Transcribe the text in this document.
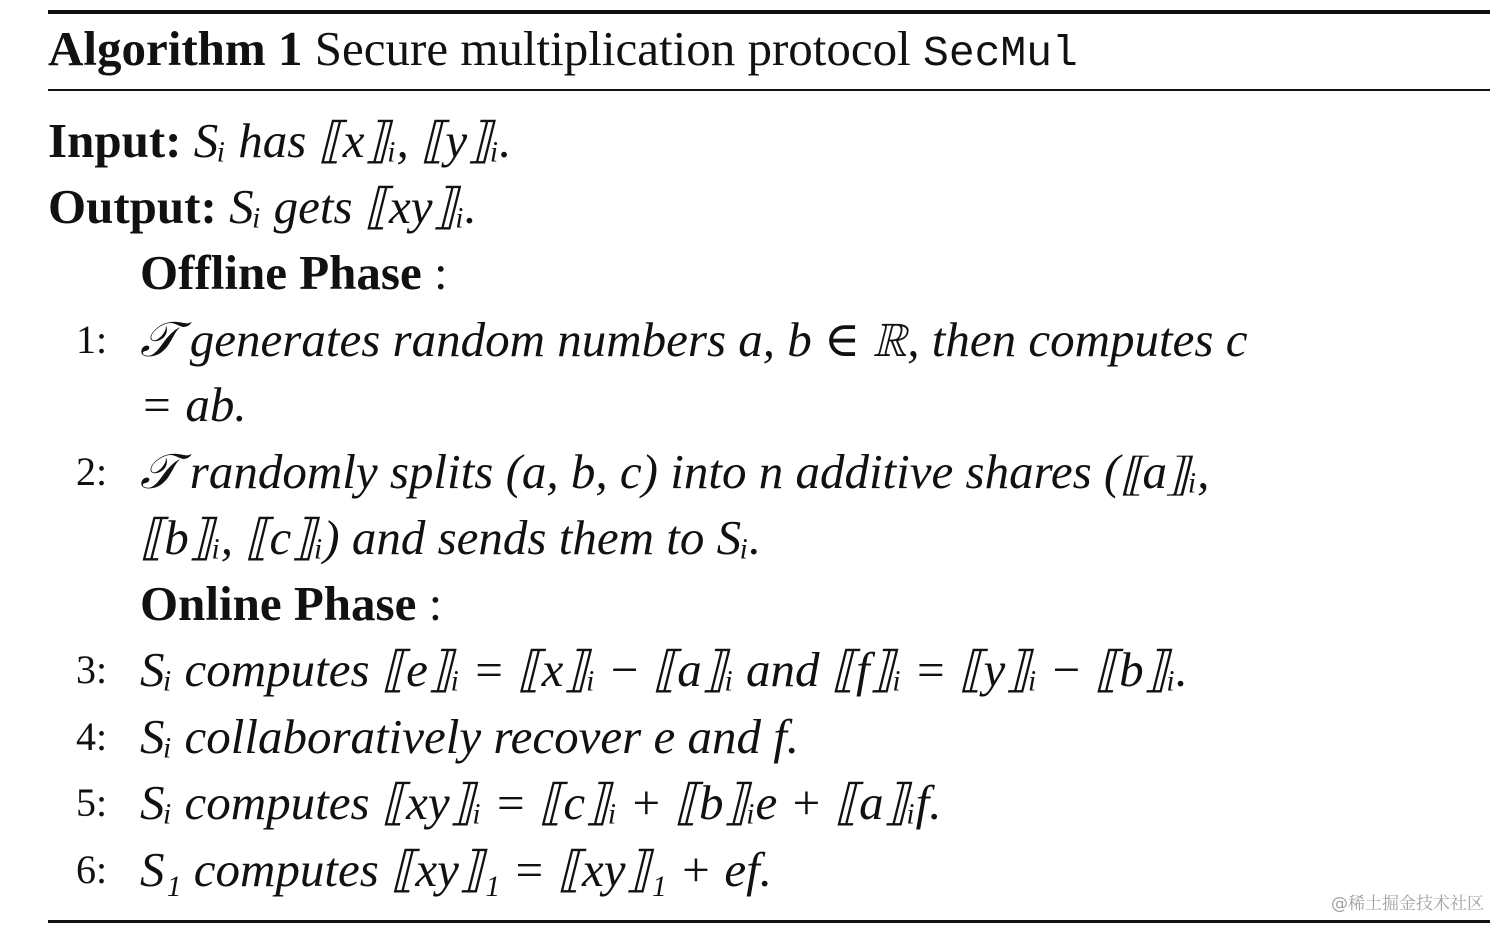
Algorithm 1 Secure multiplication protocol SecMul
Input: Sᵢ has ⟦x⟧ᵢ, ⟦y⟧ᵢ.
Output: Sᵢ gets ⟦xy⟧ᵢ.
Offline Phase :
1: 𝒯 generates random numbers a, b ∈ ℝ, then computes c
= ab.
2: 𝒯 randomly splits (a, b, c) into n additive shares (⟦a⟧ᵢ,
⟦b⟧ᵢ, ⟦c⟧ᵢ) and sends them to Sᵢ.
Online Phase :
3: Sᵢ computes ⟦e⟧ᵢ = ⟦x⟧ᵢ − ⟦a⟧ᵢ and ⟦f⟧ᵢ = ⟦y⟧ᵢ − ⟦b⟧ᵢ.
4: Sᵢ collaboratively recover e and f.
5: Sᵢ computes ⟦xy⟧ᵢ = ⟦c⟧ᵢ + ⟦b⟧ᵢe + ⟦a⟧ᵢf.
6: S₁ computes ⟦xy⟧₁ = ⟦xy⟧₁ + ef.
@稀土掘金技术社区
